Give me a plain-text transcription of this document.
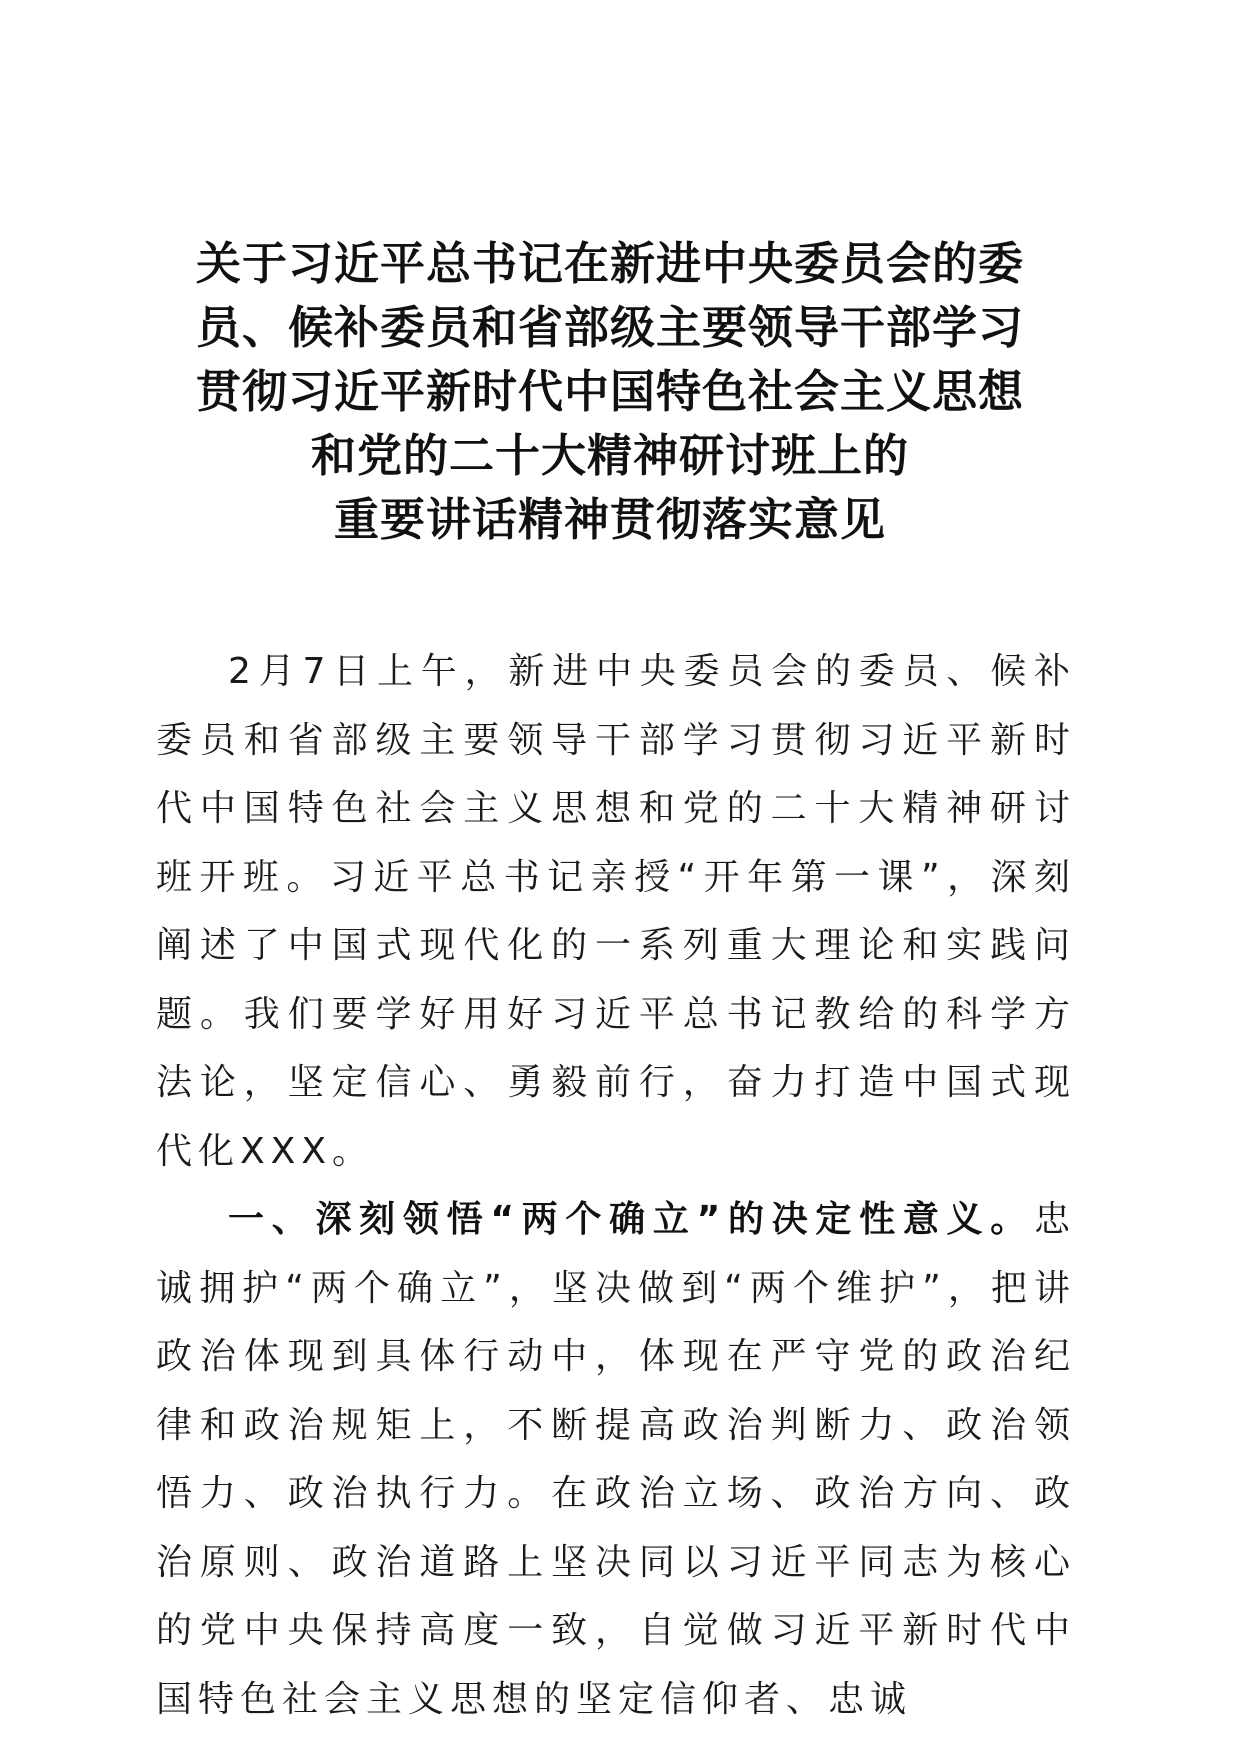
关于习近平总书记在新进中央委员会的委
员、候补委员和省部级主要领导干部学习
贯彻习近平新时代中国特色社会主义思想
和党的二十大精神研讨班上的
重要讲话精神贯彻落实意见

2月7日上午，新进中央委员会的委员、候补委员和省部级主要领导干部学习贯彻习近平新时代中国特色社会主义思想和党的二十大精神研讨班开班。习近平总书记亲授“开年第一课”，深刻阐述了中国式现代化的一系列重大理论和实践问题。我们要学好用好习近平总书记教给的科学方法论，坚定信心、勇毅前行，奋力打造中国式现代化XXX。

一、深刻领悟“两个确立”的决定性意义。忠诚拥护“两个确立”，坚决做到“两个维护”，把讲政治体现到具体行动中，体现在严守党的政治纪律和政治规矩上，不断提高政治判断力、政治领悟力、政治执行力。在政治立场、政治方向、政治原则、政治道路上坚决同以习近平同志为核心的党中央保持高度一致，自觉做习近平新时代中国特色社会主义思想的坚定信仰者、忠诚
